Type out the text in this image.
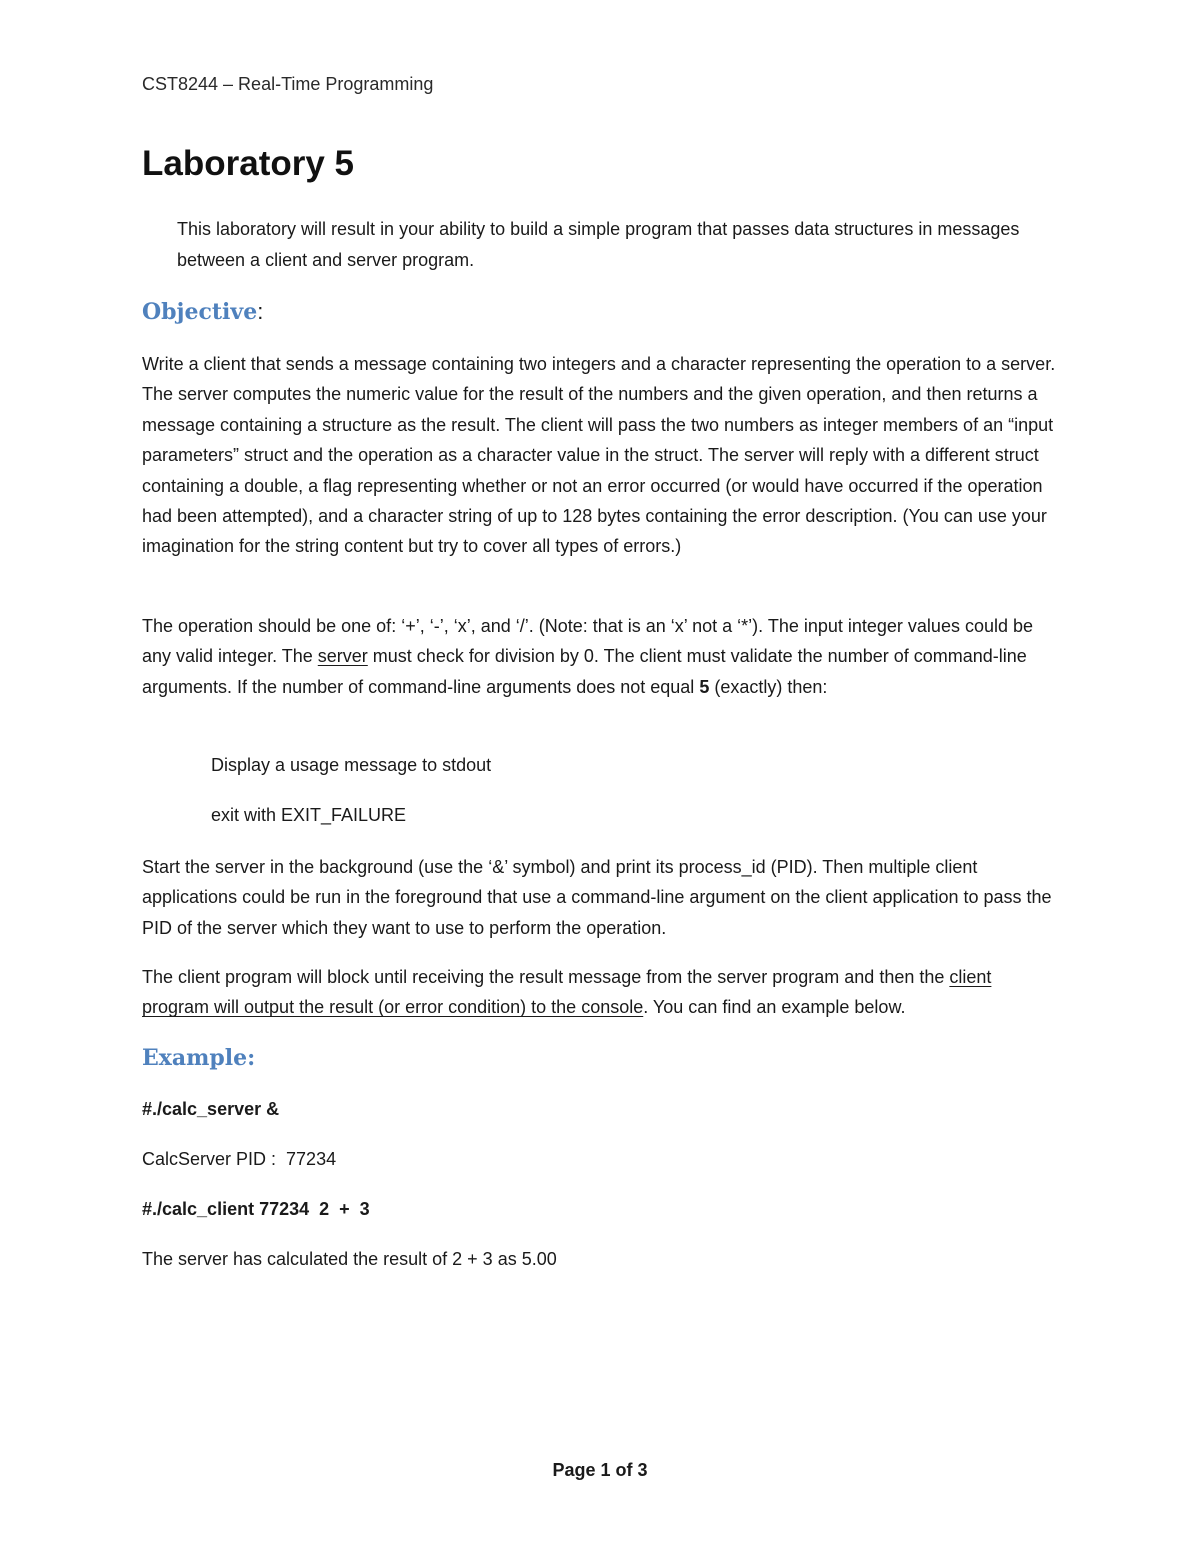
CST8244 – Real-Time Programming
Laboratory 5
This laboratory will result in your ability to build a simple program that passes data structures in messages between a client and server program.
Objective:
Write a client that sends a message containing two integers and a character representing the operation to a server. The server computes the numeric value for the result of the numbers and the given operation, and then returns a message containing a structure as the result. The client will pass the two numbers as integer members of an “input parameters” struct and the operation as a character value in the struct. The server will reply with a different struct containing a double, a flag representing whether or not an error occurred (or would have occurred if the operation had been attempted), and a character string of up to 128 bytes containing the error description. (You can use your imagination for the string content but try to cover all types of errors.)
The operation should be one of: ‘+’, ‘-’, ‘x’, and ‘/’. (Note: that is an ‘x’ not a ‘*’). The input integer values could be any valid integer. The server must check for division by 0. The client must validate the number of command-line arguments. If the number of command-line arguments does not equal 5 (exactly) then:
Display a usage message to stdout
exit with EXIT_FAILURE
Start the server in the background (use the ‘&’ symbol) and print its process_id (PID). Then multiple client applications could be run in the foreground that use a command-line argument on the client application to pass the PID of the server which they want to use to perform the operation.
The client program will block until receiving the result message from the server program and then the client program will output the result (or error condition) to the console. You can find an example below.
Example:
#./calc_server &
CalcServer PID :  77234
#./calc_client 77234  2  +  3
The server has calculated the result of 2 + 3 as 5.00
Page 1 of 3
